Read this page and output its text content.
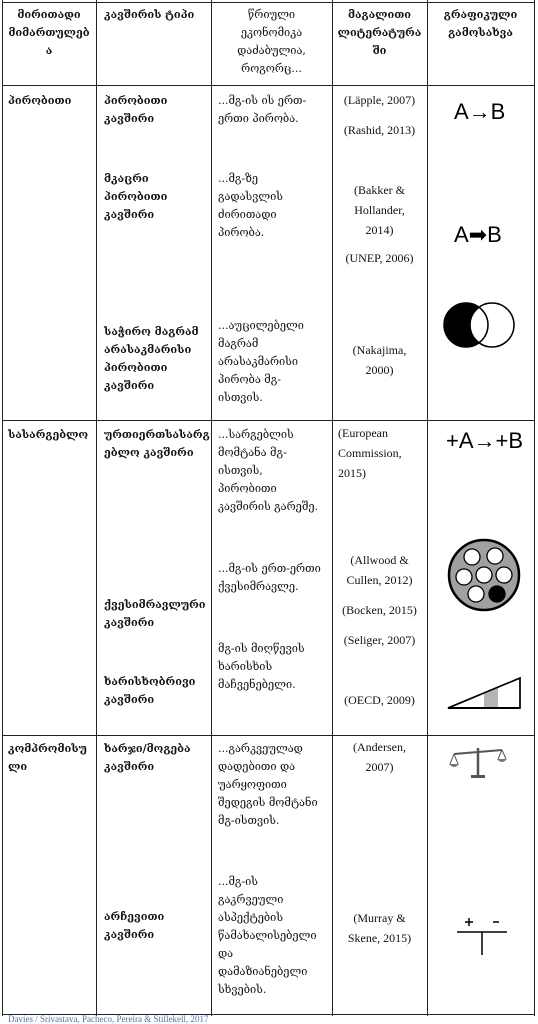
მირითადი
მიმართულებ
ა
კავშირის ტიპი	წრიული
ეკონომიკა
დაძაბულია,
როგორც...
მაგალითი
ლიტერატურა
ში
გრაფიკული
გამოსახვა
პირობითი	პირობითი
კავშირი
...მგ-ის ის ერთ-
ერთი პირობა.
(Läpple, 2007)
(Rashid, 2013)
A→B
მკაცრი
პირობითი
კავშირი
...მგ-ზე
გადასვლის
ძირითადი
პირობა.
(Bakker &
Hollander,
2014)
(UNEP, 2006)
A➡B
საჭირო მაგრამ
არასაკმარისი
პირობითი
კავშირი
...აუცილებელი
მაგრამ
არასაკმარისი
პირობა მგ-
ისთვის.
(Nakajima,
2000)
სასარგებლო ურთიერთსასარგ
ებლო კავშირი
...სარგებლის
მომტანა მგ-
ისთვის,
პირობითი
კავშირის გარეშე.
(European
Commission,
2015)
+A→+B
ქვესიმრავლური
კავშირი
...მგ-ის ერთ-ერთი
ქვესიმრავლე.
(Allwood &
Cullen, 2012)
(Bocken, 2015)
(Seliger, 2007)
ხარისხობრივი
კავშირი
მგ-ის მიღწევის
ხარისხის
მაჩვენებელი.
(OECD, 2009)
კომპრომისუ
ლი
ხარჯი/მოგება
კავშირი
...გარკვეულად
დადებითი და
უარყოფითი
შედეგის მომტანი
მგ-ისთვის.
(Andersen,
2007)
არჩევითი
კავშირი
...მგ-ის
გაკრვეული
ასპექტების
წამახალისებელი
და
დამაზიანებელი
სხვების.
(Murray &
Skene, 2015)
Davies / Srivastava, Pacheco, Pereira & Stillekell, 2017
